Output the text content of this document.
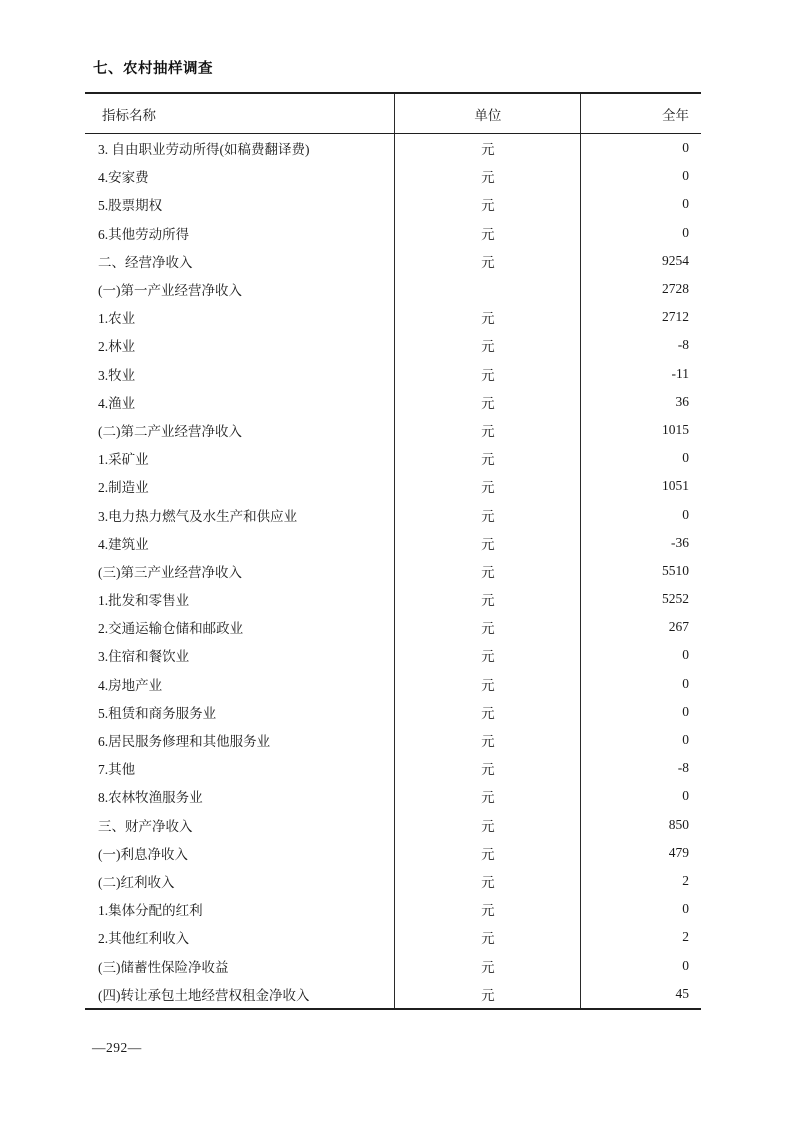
七、农村抽样调查
指标名称	单位	全年
3. 自由职业劳动所得(如稿费翻译费)	元	0
4.安家费	元	0
5.股票期权	元	0
6.其他劳动所得	元	0
二、经营净收入	元	9254
(一)第一产业经营净收入		2728
1.农业	元	2712
2.林业	元	-8
3.牧业	元	-11
4.渔业	元	36
(二)第二产业经营净收入	元	1015
1.采矿业	元	0
2.制造业	元	1051
3.电力热力燃气及水生产和供应业	元	0
4.建筑业	元	-36
(三)第三产业经营净收入	元	5510
1.批发和零售业	元	5252
2.交通运输仓储和邮政业	元	267
3.住宿和餐饮业	元	0
4.房地产业	元	0
5.租赁和商务服务业	元	0
6.居民服务修理和其他服务业	元	0
7.其他	元	-8
8.农林牧渔服务业	元	0
三、财产净收入	元	850
(一)利息净收入	元	479
(二)红利收入	元	2
1.集体分配的红利	元	0
2.其他红利收入	元	2
(三)储蓄性保险净收益	元	0
(四)转让承包土地经营权租金净收入	元	45
—292—
